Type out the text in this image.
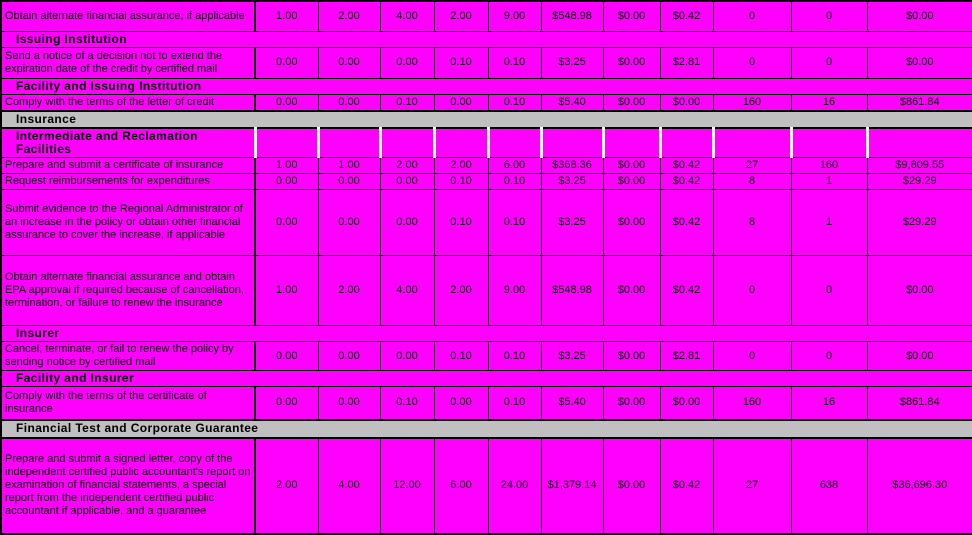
Obtain alternate financial assurance, if applicable	1.00	2.00	4.00	2.00	9.00	$548.98	$0.00	$0.42	0	0	$0.00
Issuing Institution											
Send a notice of a decision not to extend the expiration date of the credit by certified mail	0.00	0.00	0.00	0.10	0.10	$3.25	$0.00	$2.81	0	0	$0.00
Facility and Issuing Institution											
Comply with the terms of the letter of credit	0.00	0.00	0.10	0.00	0.10	$5.40	$0.00	$0.00	160	16	$861.84
Insurance											
Intermediate and Reclamation Facilities											
Prepare and submit a certificate of insurance	1.00	1.00	2.00	2.00	6.00	$368.36	$0.00	$0.42	27	160	$9,809.55
Request reimbursements for expenditures	0.00	0.00	0.00	0.10	0.10	$3.25	$0.00	$0.42	8	1	$29.29
Submit evidence to the Regional Administrator of an increase in the policy or obtain other financial assurance to cover the increase, if applicable	0.00	0.00	0.00	0.10	0.10	$3.25	$0.00	$0.42	8	1	$29.29
Obtain alternate financial assurance and obtain EPA approval if required because of cancellation, termination, or failure to renew the insurance	1.00	2.00	4.00	2.00	9.00	$548.98	$0.00	$0.42	0	0	$0.00
Insurer											
Cancel, terminate, or fail to renew the policy by sending notice by certified mail	0.00	0.00	0.00	0.10	0.10	$3.25	$0.00	$2.81	0	0	$0.00
Facility and Insurer											
Comply with the terms of the certificate of insurance	0.00	0.00	0.10	0.00	0.10	$5.40	$0.00	$0.00	160	16	$861.84
Financial Test and Corporate Guarantee											
Prepare and submit a signed letter, copy of the independent certified public accountant's report on examination of financial statements, a special report from the independent certified public accountant if applicable, and a guarantee	2.00	4.00	12.00	6.00	24.00	$1,379.14	$0.00	$0.42	27	638	$36,696.30
